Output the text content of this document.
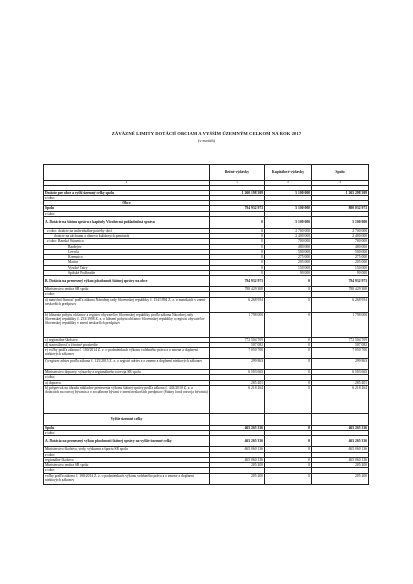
ZÁVÄZNÉ LIMITY DOTÁCIÍ OBCIAM A VYŠŠÍM ÚZEMNÝM CELKOM NA ROK 2017
(v eurách)
	Bežné výdavky	Kapitálové výdavky	Spolu
a	1	2	3

Dotácie pre obce a vyšší územný celky spolu	1 260 198 309	5 100 000	1 265 298 309
z toho:			
Obce			
Spolu	794 932 973	5 100 000	800 032 973
z toho:			
A. Dotácie na štátnu správu z kapitoly Všeobecná pokladničná správa	0	5 100 000	5 100 000
z toho: dotácie na individuálne potreby obcí	0	2 700 000	2 700 000
dotácie na záchranu a obnovu kultúrnych pamiatok	0	2 400 000	2 400 000
z toho: Banská Štiavnica	0	700 000	700 000
Bardejov	0	480 000	480 000
Levoča	0	500 000	500 000
Kremnica	0	275 000	275 000
Martin	0	205 000	205 000
Vysoké Tatry	0	150 000	150 000
Spišské Podhradie	0	90 000	90 000
B. Dotácia na prenesený výkon pôsobnosti štátnej správy na obce	794 932 973	0	794 932 973
Ministerstvo vnútra SR spolu	788 429 308	0	788 429 308
z toho:			
a) matričná činnosť podľa zákona Národnej rady Slovenskej republiky č. 154/1994 Z. z. o matrikách v znení neskorších predpisov	6 268 954	0	6 268 954
b) hlásenie pobytu občanov a register obyvateľov Slovenskej republiky podľa zákona Národnej rady Slovenskej republiky č. 253/1998 Z. z. o hlásení pobytu občanov Slovenskej republiky a registri obyvateľov Slovenskej republiky v znení neskorších predpisov	1 798 000	0	1 798 000
c) regionálne školstvo	772 504 709	0	772 504 709
d) starostlivosť o životné prostredie	507 082	0	507 082
e) voľby podľa zákona č. 180/2014 Z. z. o podmienkach výkonu volebného práva a o zmene a doplnení niektorých zákonov	7 050 700	0	7 050 700
f) register adries podľa zákona č. 125/2015 Z. z. o registri adries a o zmene a doplnení niektorých zákonov	299 863	0	299 863
Ministerstvo dopravy, výstavby a regionálneho rozvoja SR spolu	6 503 665	0	6 503 665
z toho:			
a) doprava	285 401	0	285 401
b) príspevok na úhradu nákladov prenesenia výkonu štátnej správy podľa zákona č. 443/2010 Z. z. o dotáciách na rozvoj bývania a o sociálnom bývaní v znení neskorších predpisov (Štátny fond rozvoja bývania)	6 218 264	0	6 218 264
Vyššie územné celky			
Spolu	465 265 336	0	465 265 336
z toho:			
A. Dotácia na prenesený výkon pôsobnosti štátnej správy na vyššie územné celky	465 265 336	0	465 265 336
Ministerstvo školstva, vedy, výskumu a športu SR spolu	465 060 136	0	465 060 136
z toho:			
regionálne školstvo	465 060 136	0	465 060 136
Ministerstvo vnútra SR spolu	205 200	0	205 200
z toho:			
voľby podľa zákona č. 180/2014 Z. z. o podmienkach výkonu volebného práva a o zmene a doplnení niektorých zákonov	205 200	0	205 200
